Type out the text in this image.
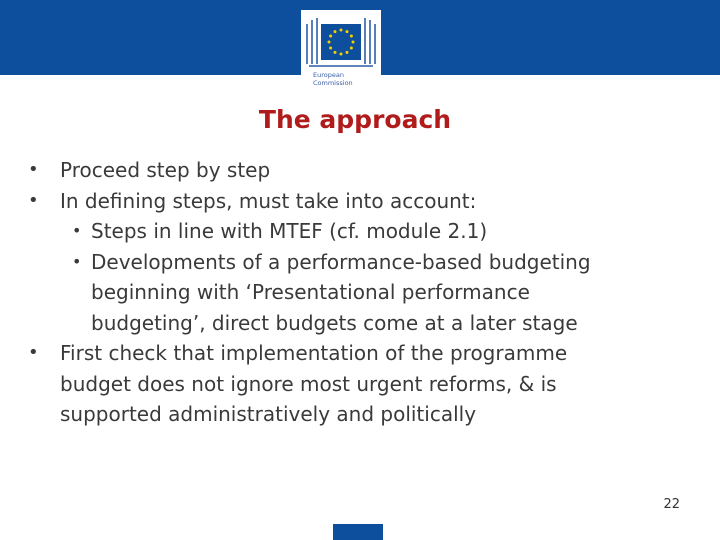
European
Commission
The approach
• Proceed step by step
• In defining steps, must take into account:
• Steps in line with MTEF (cf. module 2.1)
• Developments of a performance-based budgeting
beginning with ‘Presentational performance
budgeting’, direct budgets come at a later stage
• First check that implementation of the programme
budget does not ignore most urgent reforms, & is
supported administratively and politically
22
